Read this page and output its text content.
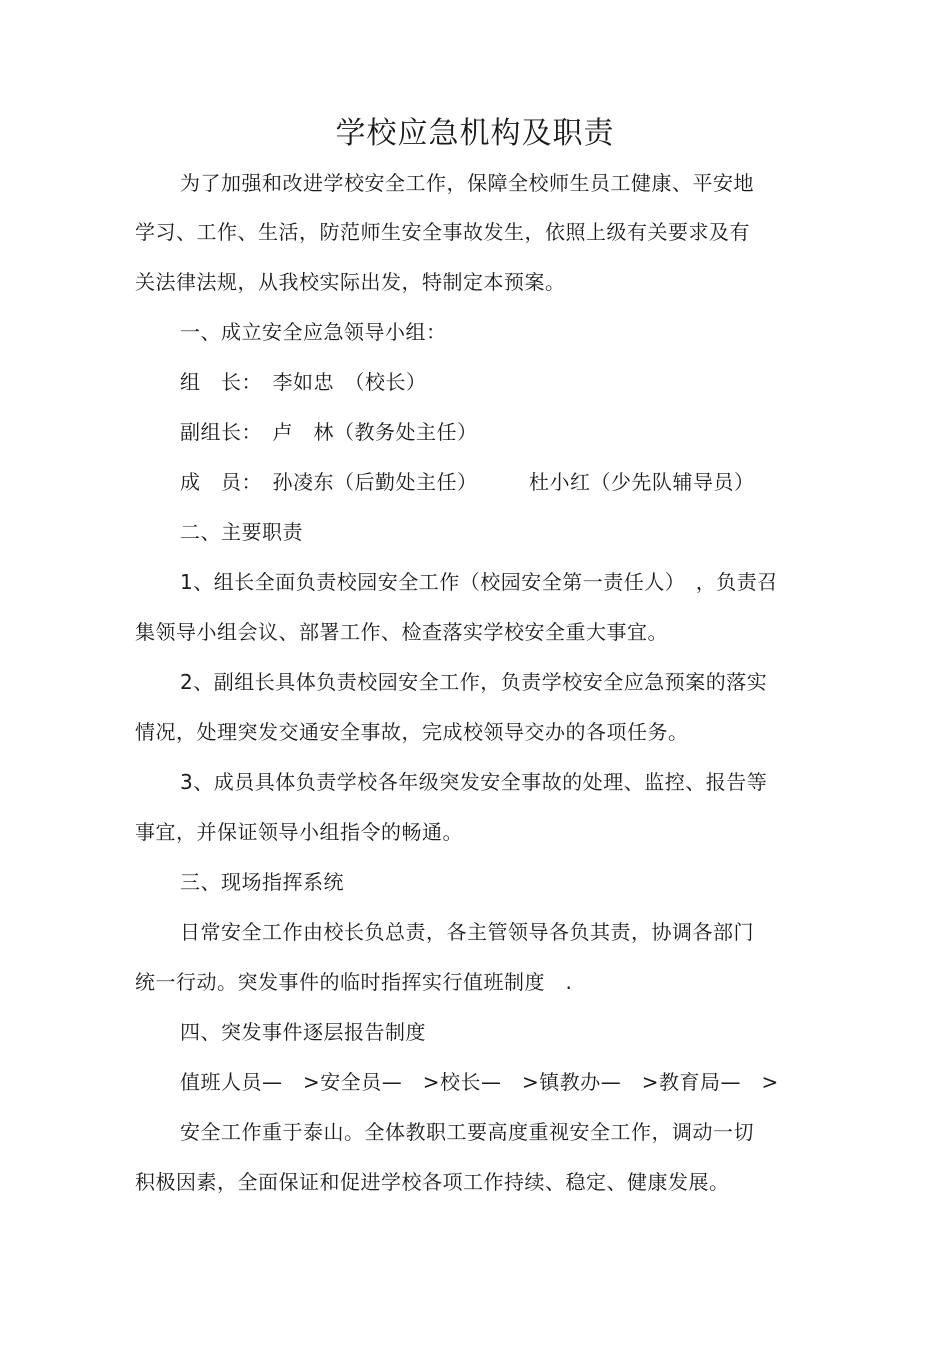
学校应急机构及职责
为了加强和改进学校安全工作，保障全校师生员工健康、平安地
学习、工作、生活，防范师生安全事故发生，依照上级有关要求及有
关法律法规，从我校实际出发，特制定本预案。
一、成立安全应急领导小组：
组　长：　李如忠　（校长）
副组长：　卢　林（教务处主任）
成　员：　孙凌东（后勤处主任）　　　杜小红（少先队辅导员）
二、主要职责
1、组长全面负责校园安全工作（校园安全第一责任人）　，负责召
集领导小组会议、部署工作、检查落实学校安全重大事宜。
2、副组长具体负责校园安全工作，负责学校安全应急预案的落实
情况，处理突发交通安全事故，完成校领导交办的各项任务。
3、成员具体负责学校各年级突发安全事故的处理、监控、报告等
事宜，并保证领导小组指令的畅通。
三、现场指挥系统
日常安全工作由校长负总责，各主管领导各负其责，协调各部门
统一行动。突发事件的临时指挥实行值班制度　.
四、突发事件逐层报告制度
值班人员—　>安全员—　>校长—　>镇教办—　>教育局—　>
安全工作重于泰山。全体教职工要高度重视安全工作，调动一切
积极因素，全面保证和促进学校各项工作持续、稳定、健康发展。
